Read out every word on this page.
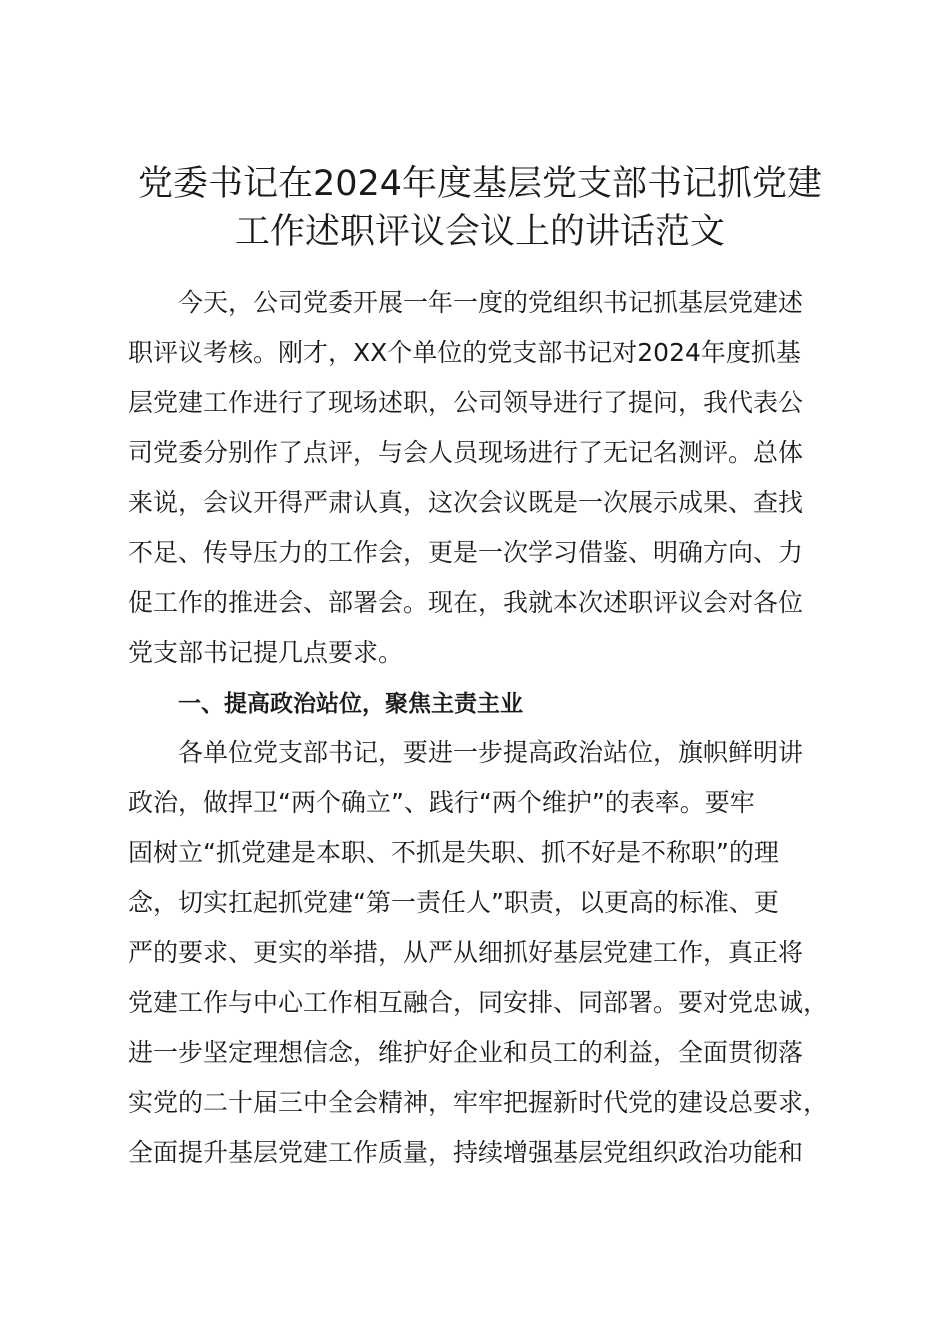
党委书记在2024年度基层党支部书记抓党建
工作述职评议会议上的讲话范文

今天，公司党委开展一年一度的党组织书记抓基层党建述

职评议考核。刚才，XX个单位的党支部书记对2024年度抓基

层党建工作进行了现场述职，公司领导进行了提问，我代表公

司党委分别作了点评，与会人员现场进行了无记名测评。总体

来说，会议开得严肃认真，这次会议既是一次展示成果、查找

不足、传导压力的工作会，更是一次学习借鉴、明确方向、力

促工作的推进会、部署会。现在，我就本次述职评议会对各位

党支部书记提几点要求。

一、提高政治站位，聚焦主责主业

各单位党支部书记，要进一步提高政治站位，旗帜鲜明讲

政治，做捍卫“两个确立”、践行“两个维护”的表率。要牢

固树立“抓党建是本职、不抓是失职、抓不好是不称职”的理

念，切实扛起抓党建“第一责任人”职责，以更高的标准、更

严的要求、更实的举措，从严从细抓好基层党建工作，真正将

党建工作与中心工作相互融合，同安排、同部署。要对党忠诚，

进一步坚定理想信念，维护好企业和员工的利益，全面贯彻落

实党的二十届三中全会精神，牢牢把握新时代党的建设总要求，

全面提升基层党建工作质量，持续增强基层党组织政治功能和
